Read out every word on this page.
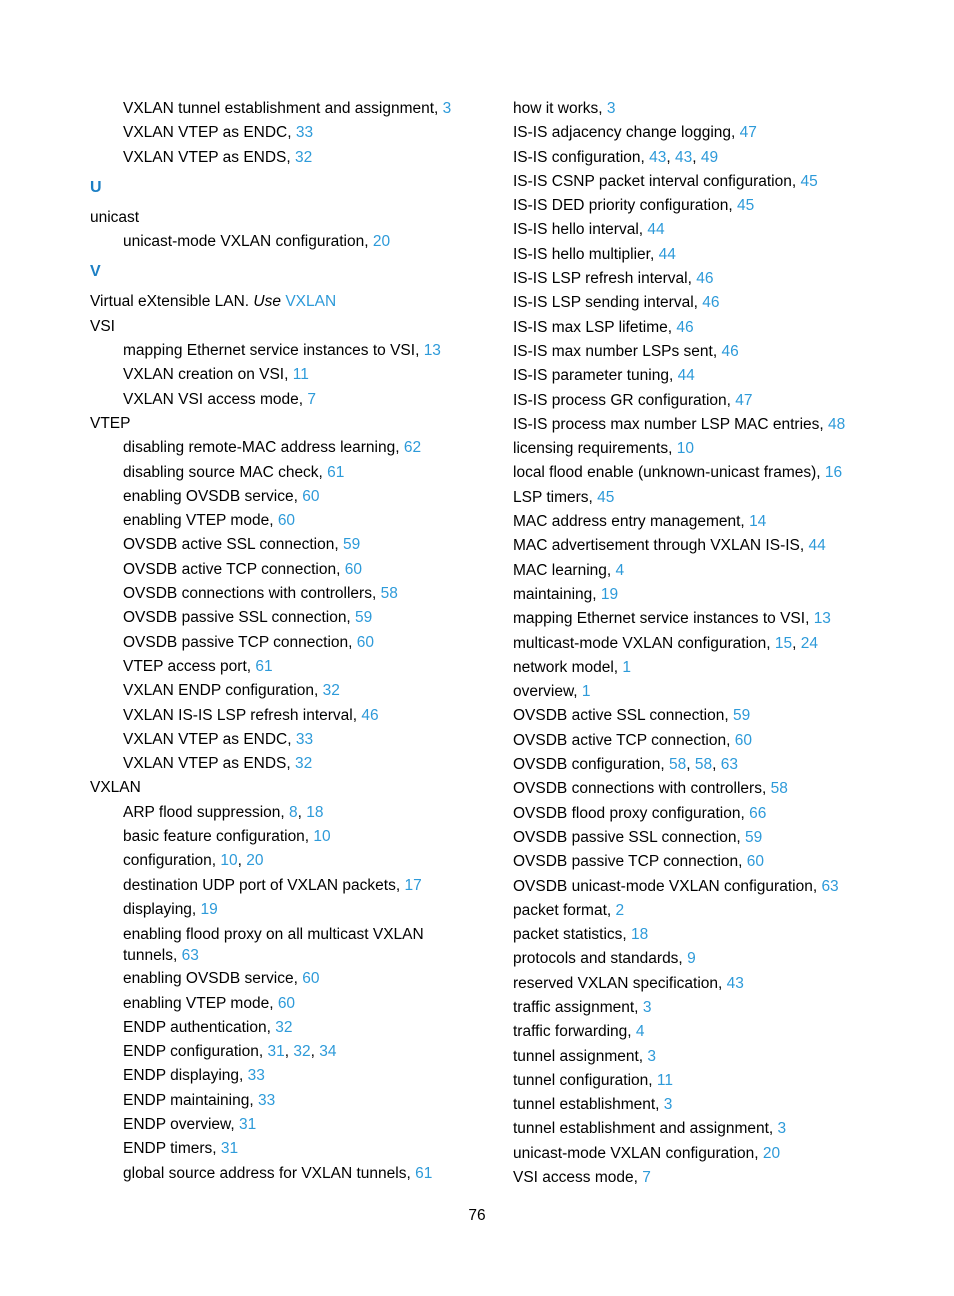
VXLAN tunnel establishment and assignment, 3
VXLAN VTEP as ENDC, 33
VXLAN VTEP as ENDS, 32
U
unicast
unicast-mode VXLAN configuration, 20
V
Virtual eXtensible LAN. Use VXLAN
VSI
mapping Ethernet service instances to VSI, 13
VXLAN creation on VSI, 11
VXLAN VSI access mode, 7
VTEP
disabling remote-MAC address learning, 62
disabling source MAC check, 61
enabling OVSDB service, 60
enabling VTEP mode, 60
OVSDB active SSL connection, 59
OVSDB active TCP connection, 60
OVSDB connections with controllers, 58
OVSDB passive SSL connection, 59
OVSDB passive TCP connection, 60
VTEP access port, 61
VXLAN ENDP configuration, 32
VXLAN IS-IS LSP refresh interval, 46
VXLAN VTEP as ENDC, 33
VXLAN VTEP as ENDS, 32
VXLAN
ARP flood suppression, 8, 18
basic feature configuration, 10
configuration, 10, 20
destination UDP port of VXLAN packets, 17
displaying, 19
enabling flood proxy on all multicast VXLAN tunnels, 63
enabling OVSDB service, 60
enabling VTEP mode, 60
ENDP authentication, 32
ENDP configuration, 31, 32, 34
ENDP displaying, 33
ENDP maintaining, 33
ENDP overview, 31
ENDP timers, 31
global source address for VXLAN tunnels, 61
how it works, 3
IS-IS adjacency change logging, 47
IS-IS configuration, 43, 43, 49
IS-IS CSNP packet interval configuration, 45
IS-IS DED priority configuration, 45
IS-IS hello interval, 44
IS-IS hello multiplier, 44
IS-IS LSP refresh interval, 46
IS-IS LSP sending interval, 46
IS-IS max LSP lifetime, 46
IS-IS max number LSPs sent, 46
IS-IS parameter tuning, 44
IS-IS process GR configuration, 47
IS-IS process max number LSP MAC entries, 48
licensing requirements, 10
local flood enable (unknown-unicast frames), 16
LSP timers, 45
MAC address entry management, 14
MAC advertisement through VXLAN IS-IS, 44
MAC learning, 4
maintaining, 19
mapping Ethernet service instances to VSI, 13
multicast-mode VXLAN configuration, 15, 24
network model, 1
overview, 1
OVSDB active SSL connection, 59
OVSDB active TCP connection, 60
OVSDB configuration, 58, 58, 63
OVSDB connections with controllers, 58
OVSDB flood proxy configuration, 66
OVSDB passive SSL connection, 59
OVSDB passive TCP connection, 60
OVSDB unicast-mode VXLAN configuration, 63
packet format, 2
packet statistics, 18
protocols and standards, 9
reserved VXLAN specification, 43
traffic assignment, 3
traffic forwarding, 4
tunnel assignment, 3
tunnel configuration, 11
tunnel establishment, 3
tunnel establishment and assignment, 3
unicast-mode VXLAN configuration, 20
VSI access mode, 7
76
